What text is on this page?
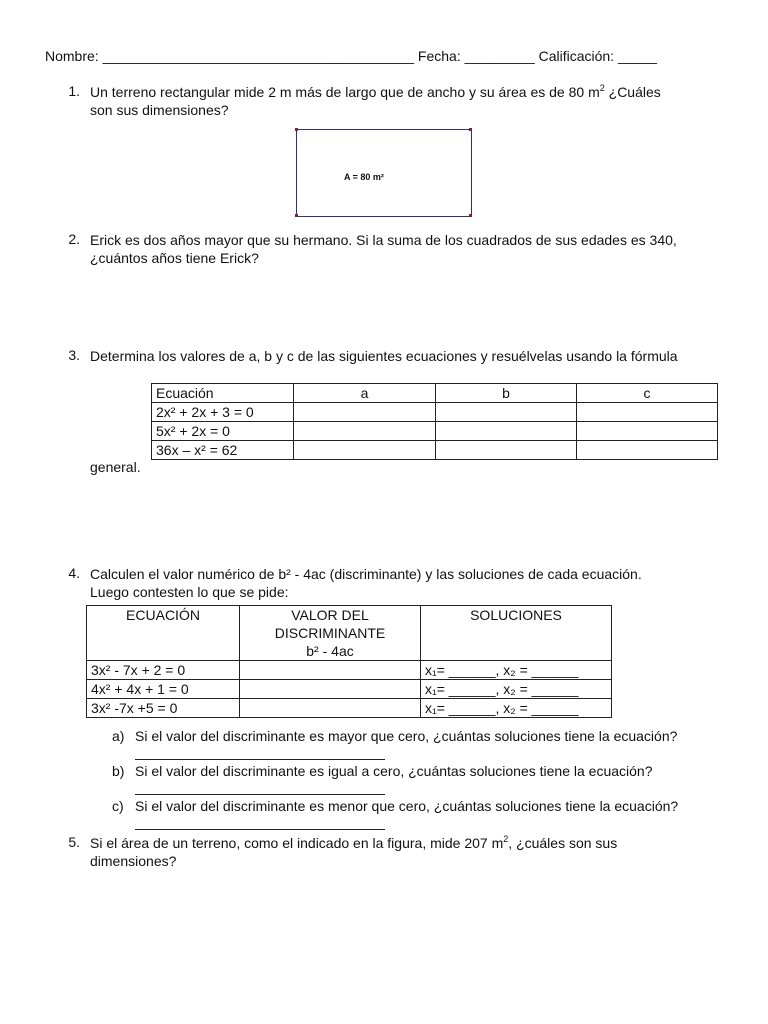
Nombre: ________________________________________ Fecha: _________ Calificación: _____
1. Un terreno rectangular mide 2 m más de largo que de ancho y su área es de 80 $m^2$ ¿Cuáles
son sus dimensiones?
A = 80 m²
2. Erick es dos años mayor que su hermano. Si la suma de los cuadrados de sus edades es 340,
¿cuántos años tiene Erick?
3. Determina los valores de a, b y c de las siguientes ecuaciones y resuélvelas usando la fórmula
Ecuación	a	b	c
2x² + 2x + 3 = 0			
5x² + 2x = 0			
36x – x² = 62			
general.
4. Calculen el valor numérico de b² - 4ac (discriminante) y las soluciones de cada ecuación.
Luego contesten lo que se pide:
ECUACIÓN	VALOR DEL
DISCRIMINANTE
b² - 4ac	SOLUCIONES
3x² - 7x + 2 = 0		x₁= ______, x₂ = ______
4x² + 4x + 1 = 0		x₁= ______, x₂ = ______
3x² -7x +5 = 0		x₁= ______, x₂ = ______
a) Si el valor del discriminante es mayor que cero, ¿cuántas soluciones tiene la ecuación?
b) Si el valor del discriminante es igual a cero, ¿cuántas soluciones tiene la ecuación?
c) Si el valor del discriminante es menor que cero, ¿cuántas soluciones tiene la ecuación?
5. Si el área de un terreno, como el indicado en la figura, mide 207 $m^2$, ¿cuáles son sus
dimensiones?
